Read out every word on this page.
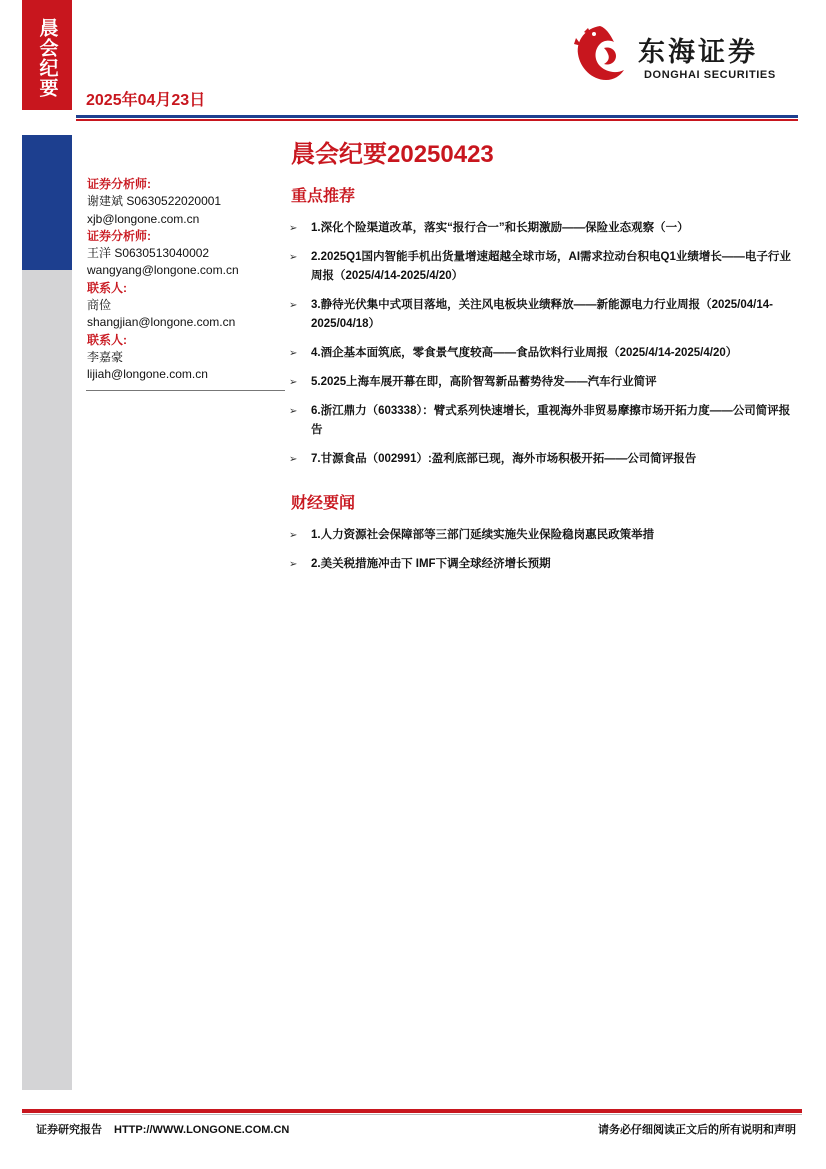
晨会纪要
2025年04月23日
东海证券
DONGHAI SECURITIES
证券分析师:
谢建斌 S0630522020001
xjb@longone.com.cn
证券分析师:
王洋 S0630513040002
wangyang@longone.com.cn
联系人:
商俭
shangjian@longone.com.cn
联系人:
李嘉豪
lijiah@longone.com.cn
晨会纪要20250423
重点推荐
➢ 1.深化个险渠道改革，落实“报行合一”和长期激励——保险业态观察（一）
➢ 2.2025Q1国内智能手机出货量增速超越全球市场，AI需求拉动台积电Q1业绩增长——电子行业周报（2025/4/14-2025/4/20）
➢ 3.静待光伏集中式项目落地，关注风电板块业绩释放——新能源电力行业周报（2025/04/14-2025/04/18）
➢ 4.酒企基本面筑底，零食景气度较高——食品饮料行业周报（2025/4/14-2025/4/20）
➢ 5.2025上海车展开幕在即，高阶智驾新品蓄势待发——汽车行业简评
➢ 6.浙江鼎力（603338）：臂式系列快速增长，重视海外非贸易摩擦市场开拓力度——公司简评报告
➢ 7.甘源食品（002991）:盈利底部已现，海外市场积极开拓——公司简评报告
财经要闻
➢ 1.人力资源社会保障部等三部门延续实施失业保险稳岗惠民政策举措
➢ 2.美关税措施冲击下 IMF下调全球经济增长预期
证券研究报告 HTTP://WWW.LONGONE.COM.CN	请务必仔细阅读正文后的所有说明和声明
